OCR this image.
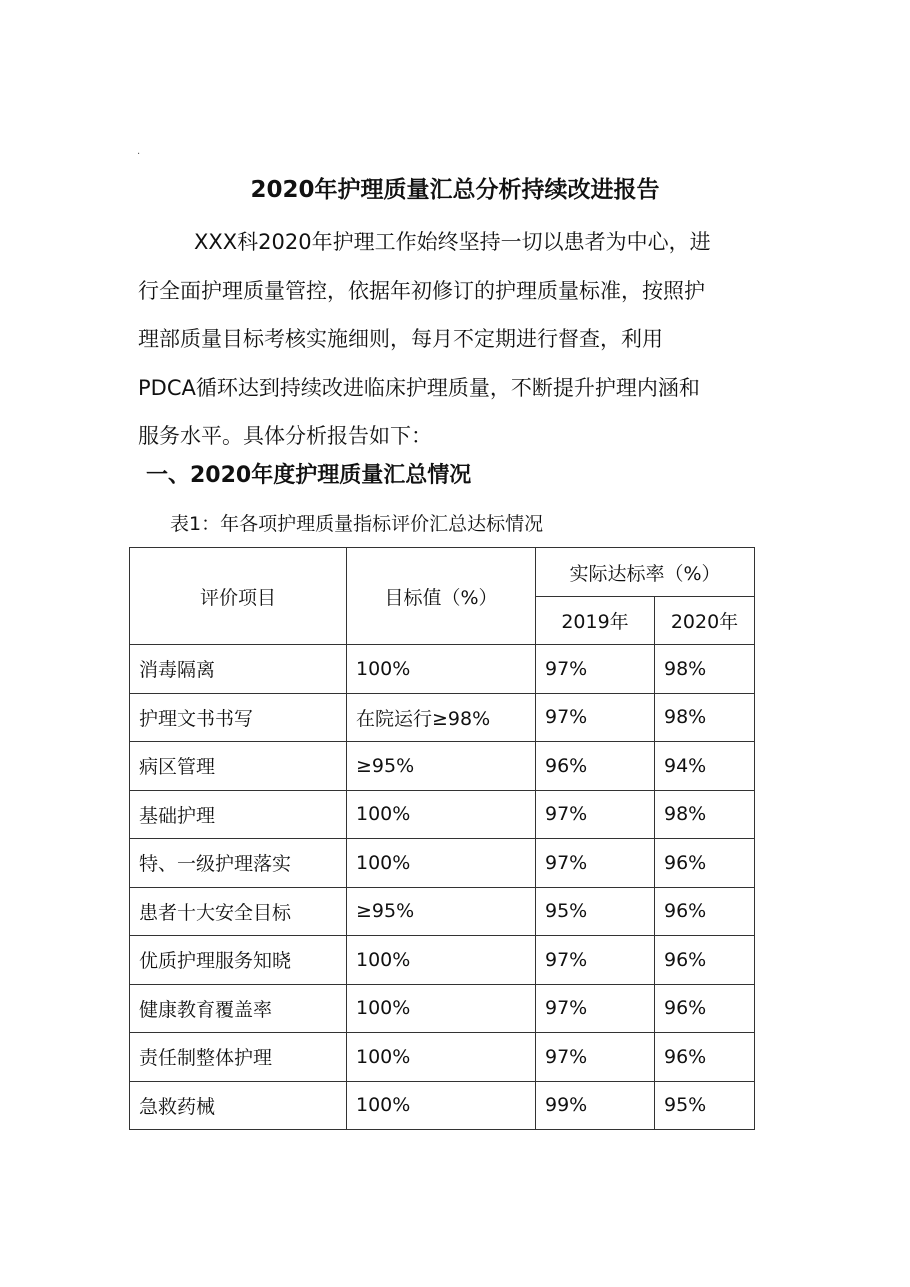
·
2020年护理质量汇总分析持续改进报告

XXX科2020年护理工作始终坚持一切以患者为中心，进
行全面护理质量管控，依据年初修订的护理质量标准，按照护
理部质量目标考核实施细则，每月不定期进行督查，利用
PDCA循环达到持续改进临床护理质量，不断提升护理内涵和
服务水平。具体分析报告如下：

一、2020年度护理质量汇总情况

表1：年各项护理质量指标评价汇总达标情况

评价项目	目标值（%）	实际达标率（%）	
		2019年	2020年
消毒隔离	100%	97%	98%
护理文书书写	在院运行≥98%	97%	98%
病区管理	≥95%	96%	94%
基础护理	100%	97%	98%
特、一级护理落实	100%	97%	96%
患者十大安全目标	≥95%	95%	96%
优质护理服务知晓	100%	97%	96%
健康教育覆盖率	100%	97%	96%
责任制整体护理	100%	97%	96%
急救药械	100%	99%	95%
